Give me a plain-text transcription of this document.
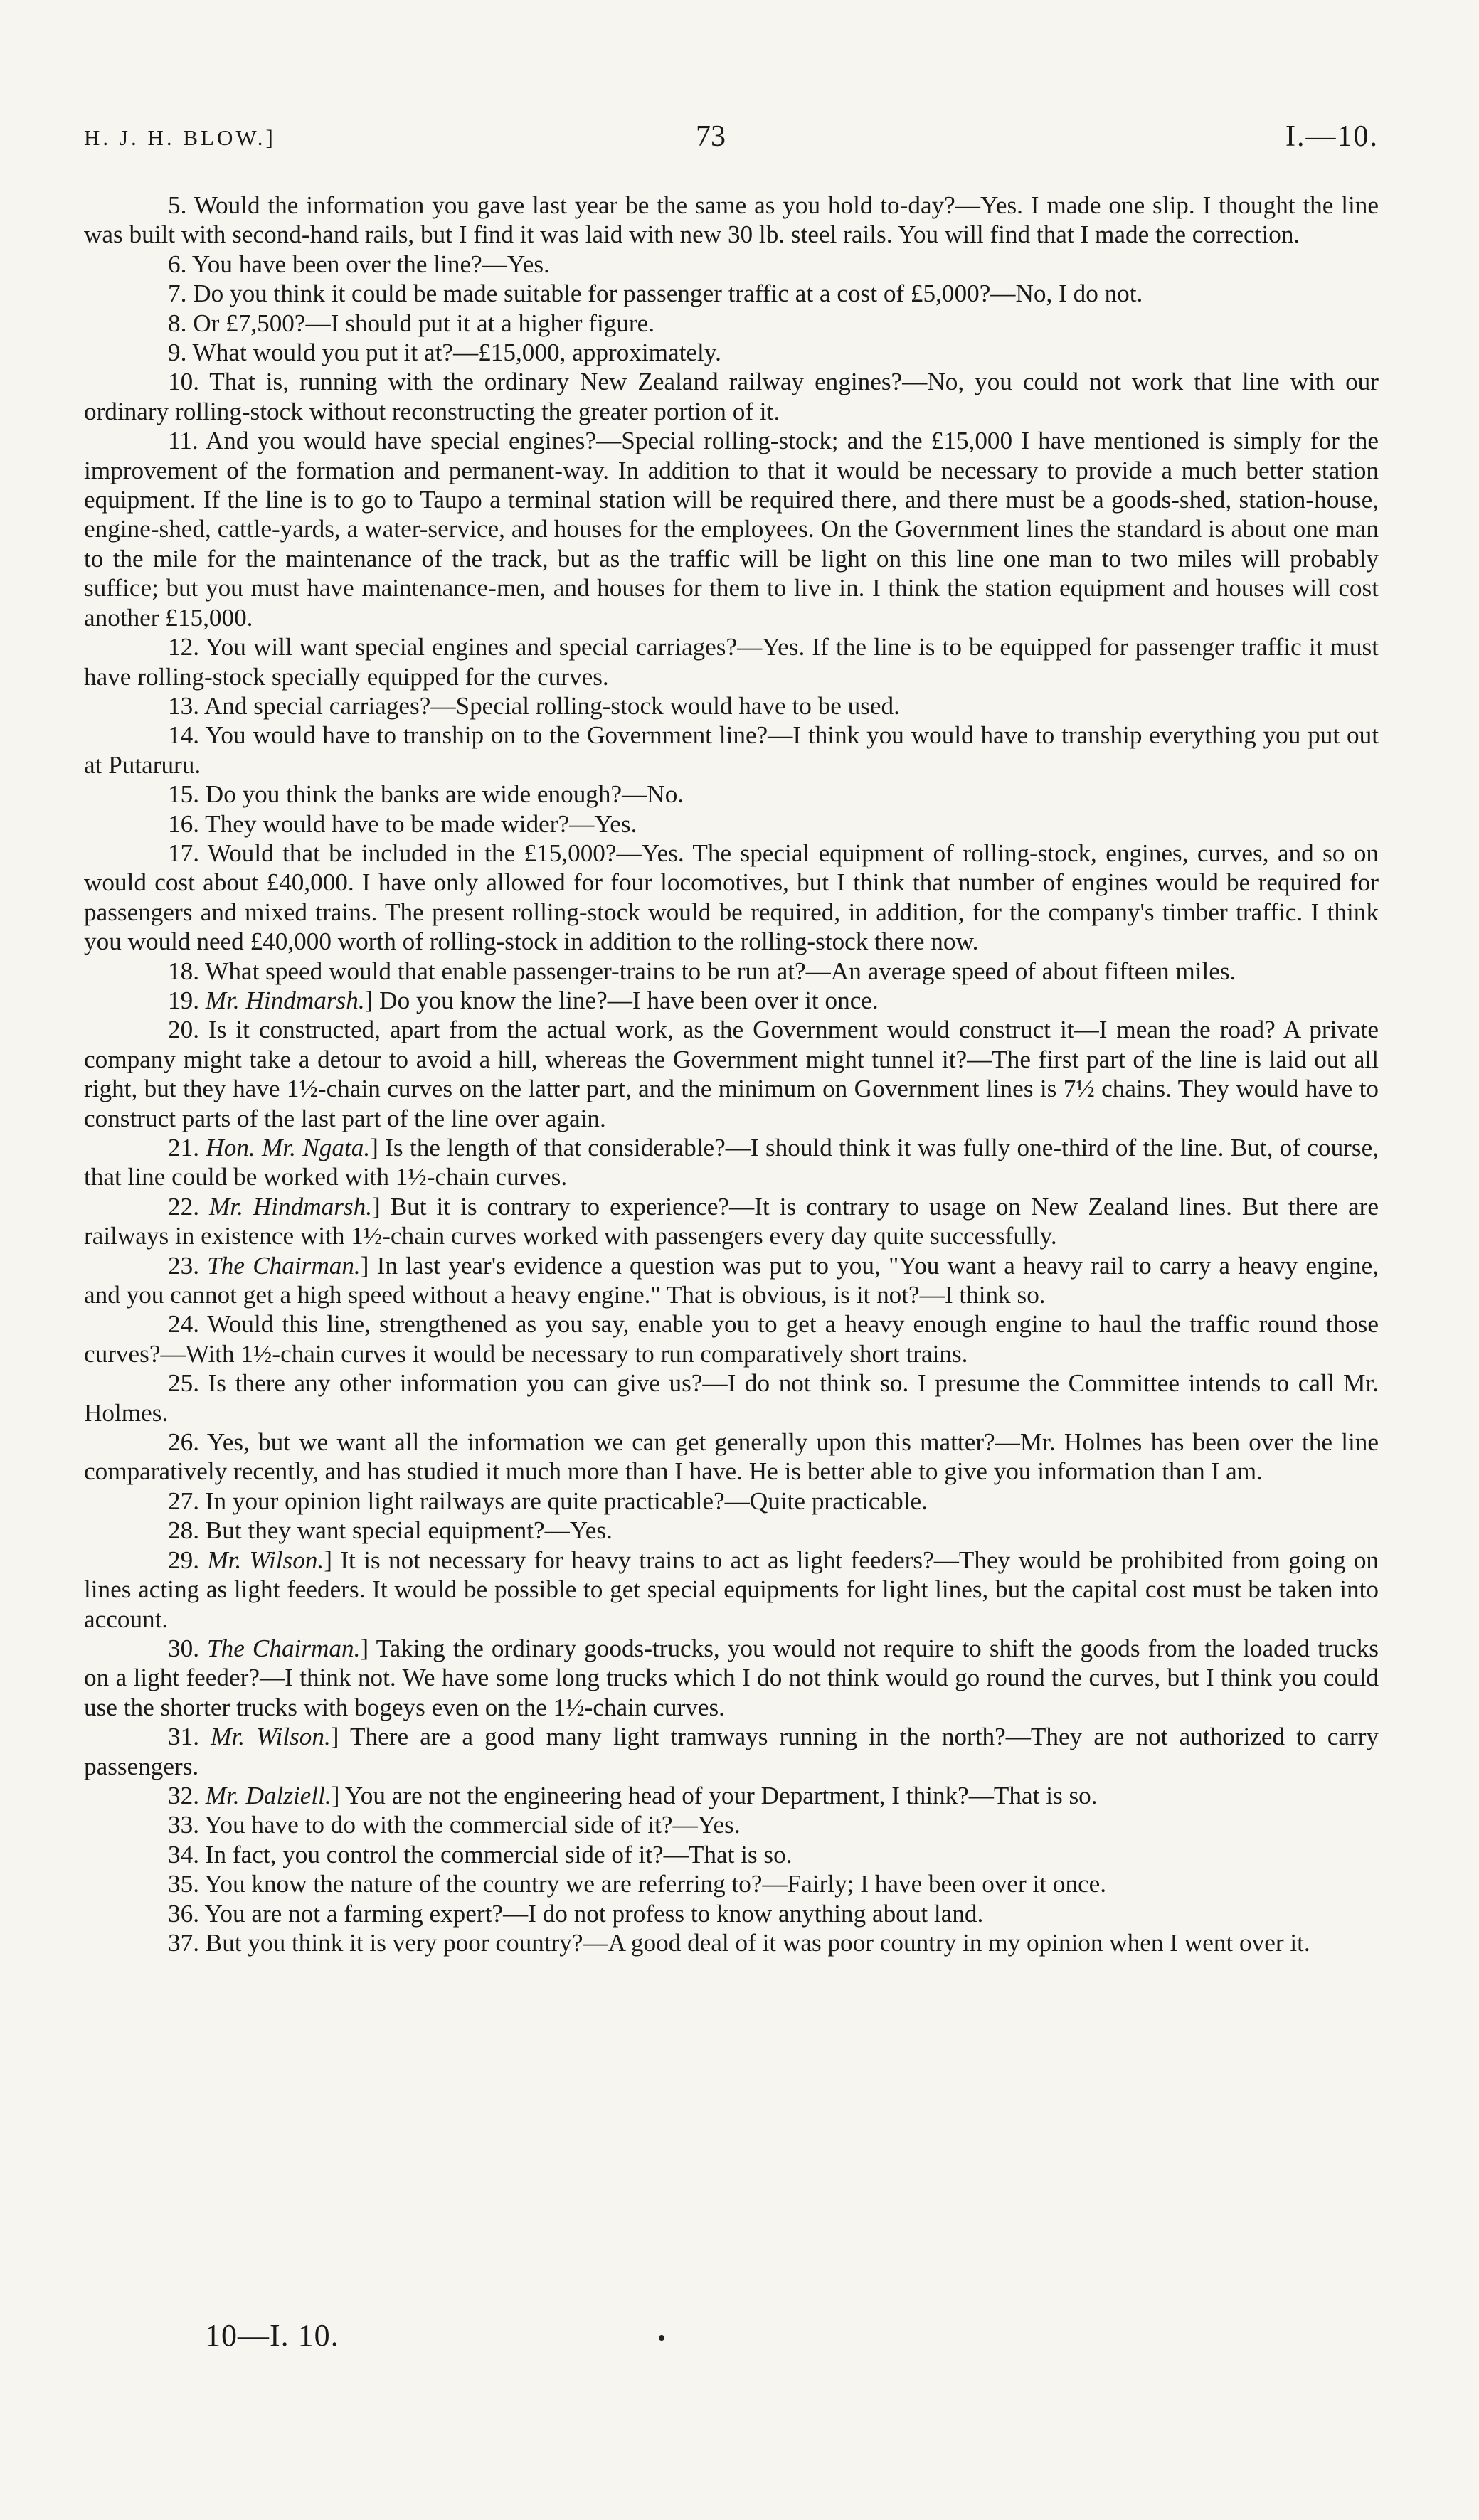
H. J. H. BLOW.]	73	I.—10.

5. Would the information you gave last year be the same as you hold to-day?—Yes. I made one slip. I thought the line was built with second-hand rails, but I find it was laid with new 30 lb. steel rails. You will find that I made the correction.

6. You have been over the line?—Yes.

7. Do you think it could be made suitable for passenger traffic at a cost of £5,000?—No, I do not.

8. Or £7,500?—I should put it at a higher figure.

9. What would you put it at?—£15,000, approximately.

10. That is, running with the ordinary New Zealand railway engines?—No, you could not work that line with our ordinary rolling-stock without reconstructing the greater portion of it.

11. And you would have special engines?—Special rolling-stock; and the £15,000 I have mentioned is simply for the improvement of the formation and permanent-way. In addition to that it would be necessary to provide a much better station equipment. If the line is to go to Taupo a terminal station will be required there, and there must be a goods-shed, station-house, engine-shed, cattle-yards, a water-service, and houses for the employees. On the Government lines the standard is about one man to the mile for the maintenance of the track, but as the traffic will be light on this line one man to two miles will probably suffice; but you must have maintenance-men, and houses for them to live in. I think the station equipment and houses will cost another £15,000.

12. You will want special engines and special carriages?—Yes. If the line is to be equipped for passenger traffic it must have rolling-stock specially equipped for the curves.

13. And special carriages?—Special rolling-stock would have to be used.

14. You would have to tranship on to the Government line?—I think you would have to tranship everything you put out at Putaruru.

15. Do you think the banks are wide enough?—No.

16. They would have to be made wider?—Yes.

17. Would that be included in the £15,000?—Yes. The special equipment of rolling-stock, engines, curves, and so on would cost about £40,000. I have only allowed for four locomotives, but I think that number of engines would be required for passengers and mixed trains. The present rolling-stock would be required, in addition, for the company's timber traffic. I think you would need £40,000 worth of rolling-stock in addition to the rolling-stock there now.

18. What speed would that enable passenger-trains to be run at?—An average speed of about fifteen miles.

19. Mr. Hindmarsh.] Do you know the line?—I have been over it once.

20. Is it constructed, apart from the actual work, as the Government would construct it—I mean the road? A private company might take a detour to avoid a hill, whereas the Government might tunnel it?—The first part of the line is laid out all right, but they have 1½-chain curves on the latter part, and the minimum on Government lines is 7½ chains. They would have to construct parts of the last part of the line over again.

21. Hon. Mr. Ngata.] Is the length of that considerable?—I should think it was fully one-third of the line. But, of course, that line could be worked with 1½-chain curves.

22. Mr. Hindmarsh.] But it is contrary to experience?—It is contrary to usage on New Zealand lines. But there are railways in existence with 1½-chain curves worked with passengers every day quite successfully.

23. The Chairman.] In last year's evidence a question was put to you, "You want a heavy rail to carry a heavy engine, and you cannot get a high speed without a heavy engine." That is obvious, is it not?—I think so.

24. Would this line, strengthened as you say, enable you to get a heavy enough engine to haul the traffic round those curves?—With 1½-chain curves it would be necessary to run comparatively short trains.

25. Is there any other information you can give us?—I do not think so. I presume the Committee intends to call Mr. Holmes.

26. Yes, but we want all the information we can get generally upon this matter?—Mr. Holmes has been over the line comparatively recently, and has studied it much more than I have. He is better able to give you information than I am.

27. In your opinion light railways are quite practicable?—Quite practicable.

28. But they want special equipment?—Yes.

29. Mr. Wilson.] It is not necessary for heavy trains to act as light feeders?—They would be prohibited from going on lines acting as light feeders. It would be possible to get special equipments for light lines, but the capital cost must be taken into account.

30. The Chairman.] Taking the ordinary goods-trucks, you would not require to shift the goods from the loaded trucks on a light feeder?—I think not. We have some long trucks which I do not think would go round the curves, but I think you could use the shorter trucks with bogeys even on the 1½-chain curves.

31. Mr. Wilson.] There are a good many light tramways running in the north?—They are not authorized to carry passengers.

32. Mr. Dalziell.] You are not the engineering head of your Department, I think?—That is so.

33. You have to do with the commercial side of it?—Yes.

34. In fact, you control the commercial side of it?—That is so.

35. You know the nature of the country we are referring to?—Fairly; I have been over it once.

36. You are not a farming expert?—I do not profess to know anything about land.

37. But you think it is very poor country?—A good deal of it was poor country in my opinion when I went over it.

10—I. 10.
